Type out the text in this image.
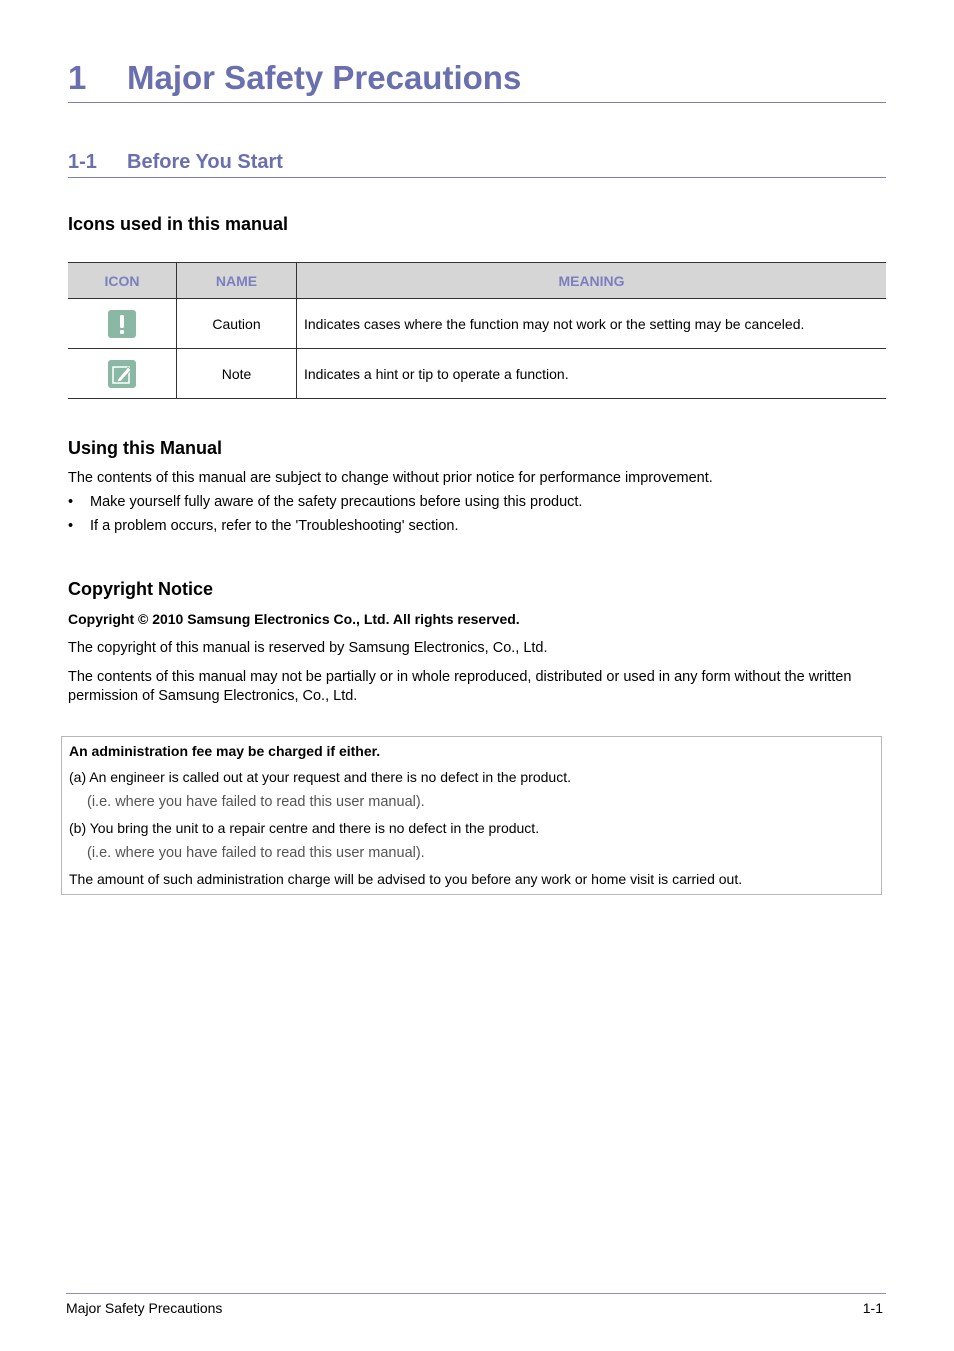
1 Major Safety Precautions
1-1 Before You Start
Icons used in this manual
ICON	NAME	MEANING
	Caution	Indicates cases where the function may not work or the setting may be canceled.
	Note	Indicates a hint or tip to operate a function.
Using this Manual
The contents of this manual are subject to change without prior notice for performance improvement.
• Make yourself fully aware of the safety precautions before using this product.
• If a problem occurs, refer to the 'Troubleshooting' section.
Copyright Notice
Copyright © 2010 Samsung Electronics Co., Ltd. All rights reserved.
The copyright of this manual is reserved by Samsung Electronics, Co., Ltd.
The contents of this manual may not be partially or in whole reproduced, distributed or used in any form without the written permission of Samsung Electronics, Co., Ltd.
An administration fee may be charged if either.
(a) An engineer is called out at your request and there is no defect in the product.
(i.e. where you have failed to read this user manual).
(b) You bring the unit to a repair centre and there is no defect in the product.
(i.e. where you have failed to read this user manual).
The amount of such administration charge will be advised to you before any work or home visit is carried out.
Major Safety Precautions	1-1
